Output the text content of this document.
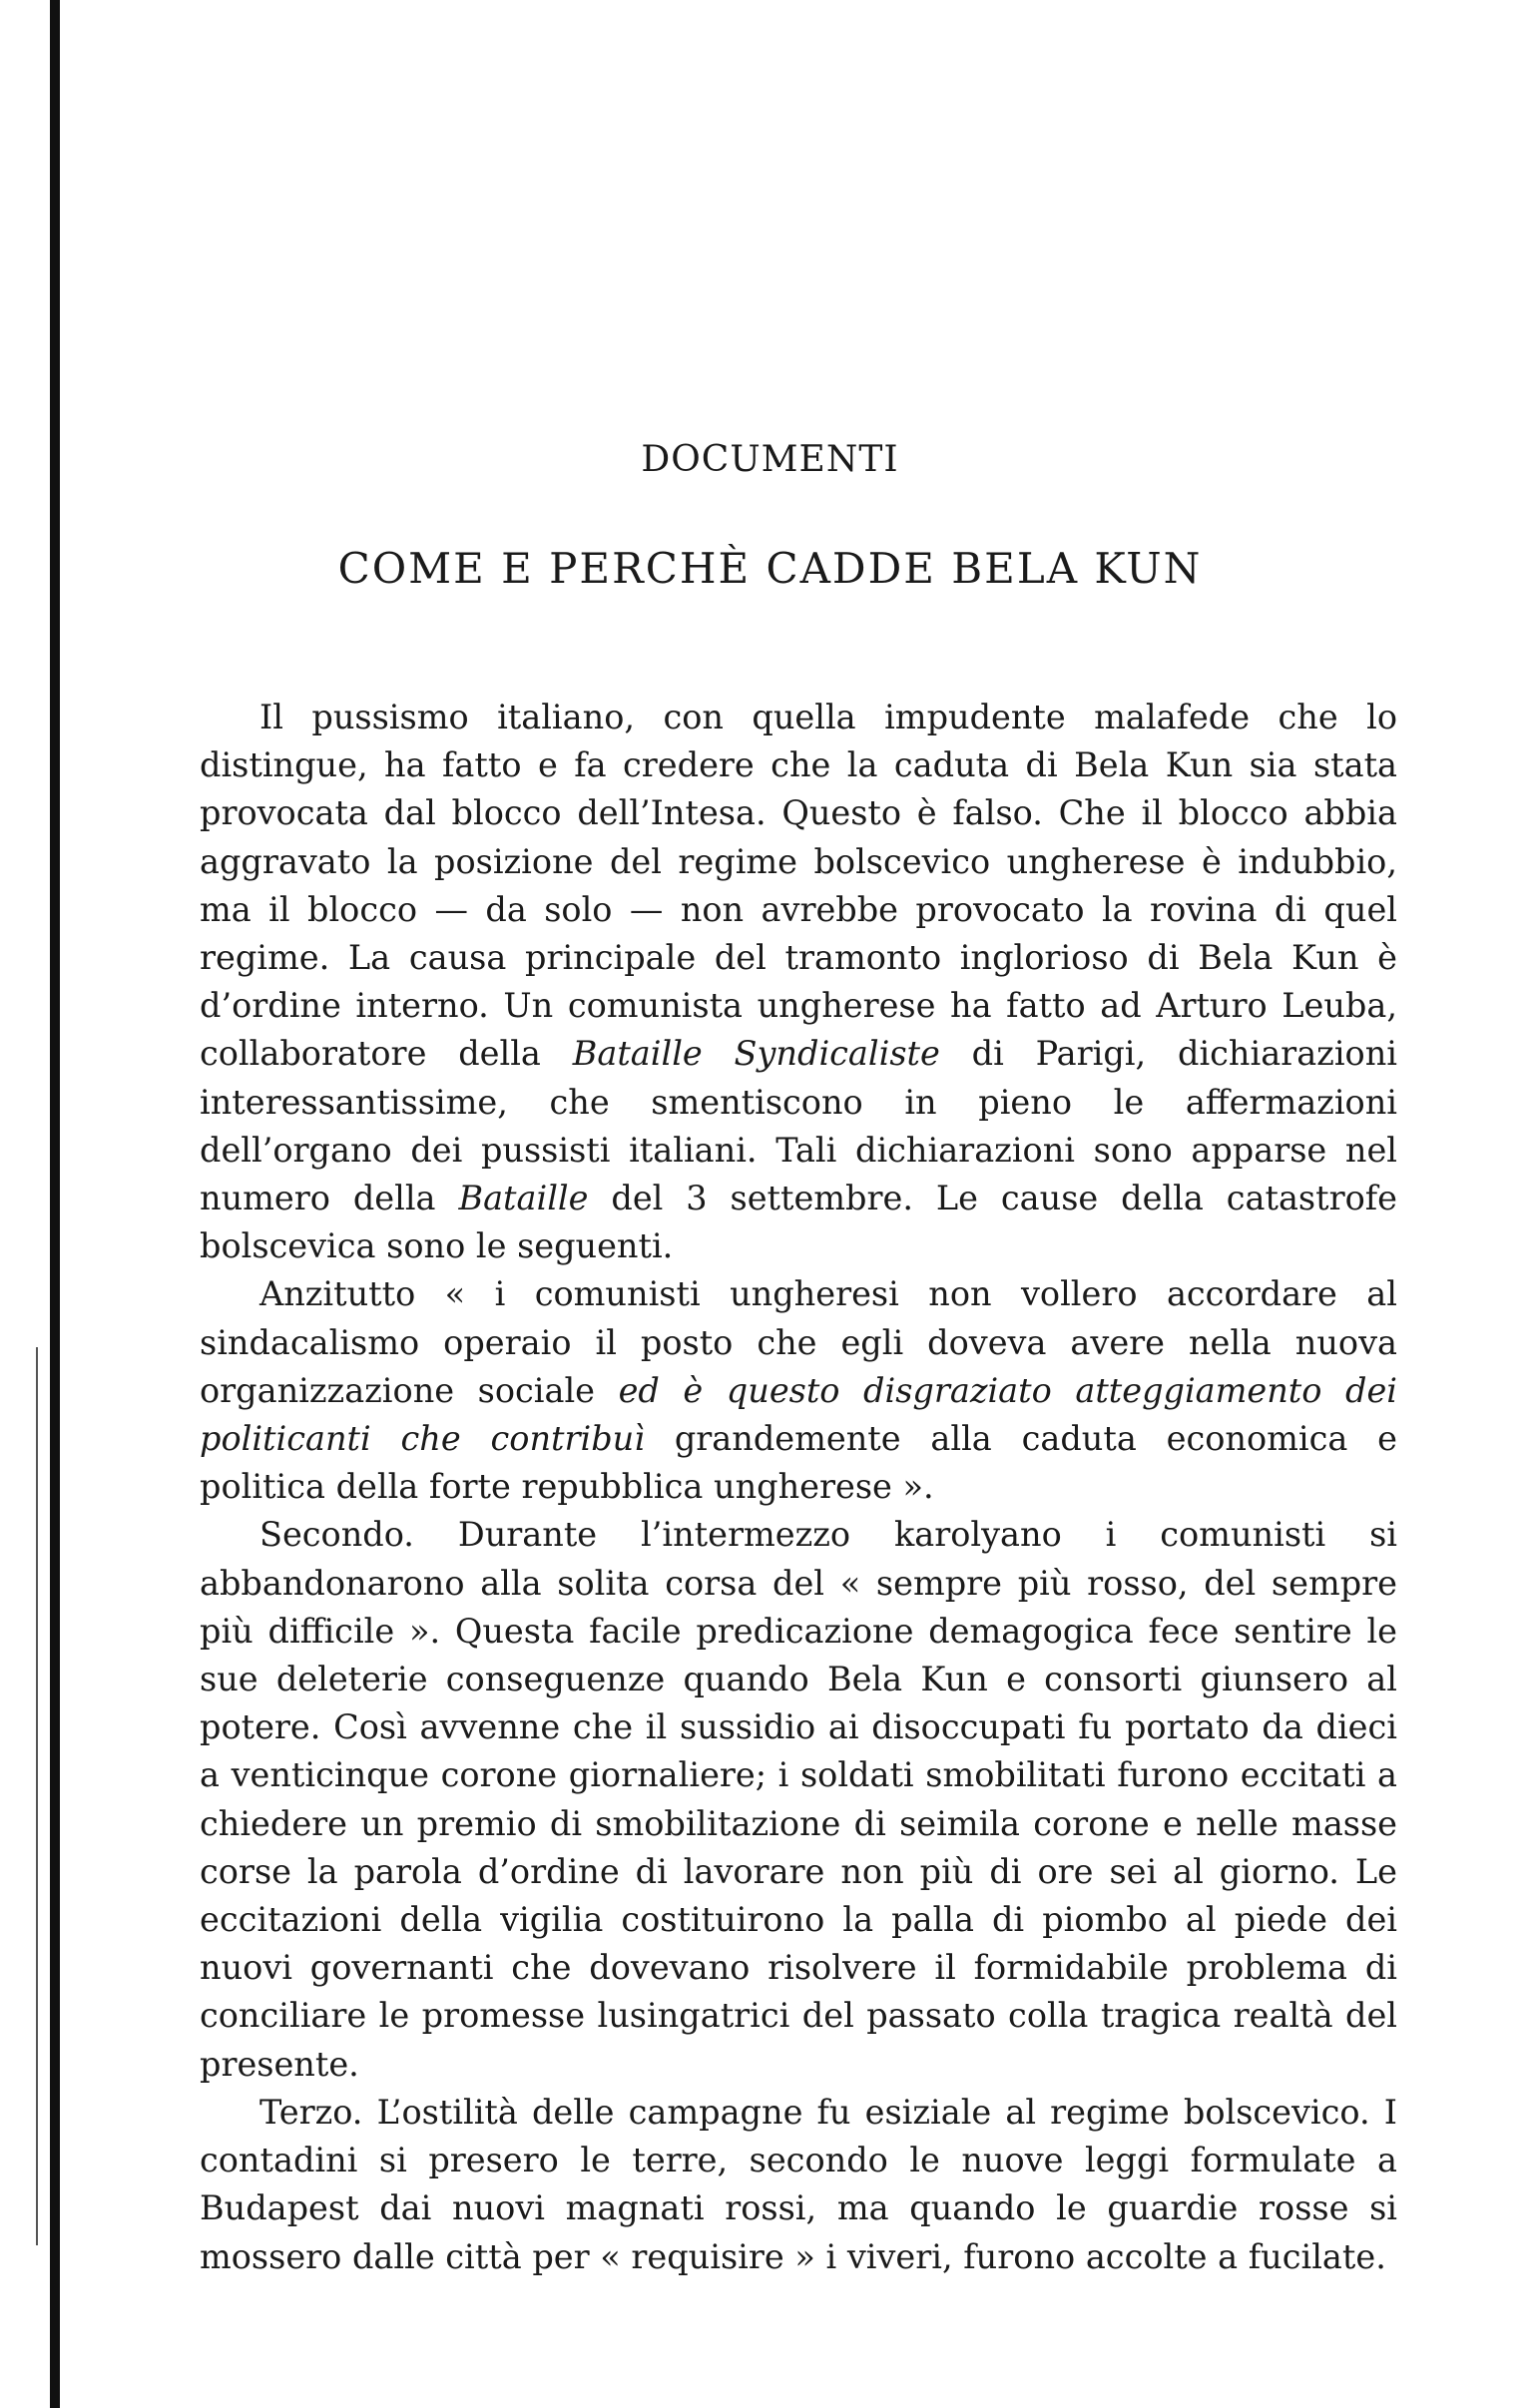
DOCUMENTI
COME E PERCHÈ CADDE BELA KUN

Il pussismo italiano, con quella impudente malafede che lo distingue, ha fatto e fa credere che la caduta di Bela Kun sia stata provocata dal blocco dell’Intesa. Questo è falso. Che il blocco abbia aggravato la posizione del regime bolscevico ungherese è indubbio, ma il blocco — da solo — non avrebbe provocato la rovina di quel regime. La causa principale del tramonto inglorioso di Bela Kun è d’ordine interno. Un comunista ungherese ha fatto ad Arturo Leuba, collaboratore della Bataille Syndicaliste di Parigi, dichiarazioni interessantissime, che smentiscono in pieno le affermazioni dell’organo dei pussisti italiani. Tali dichiarazioni sono apparse nel numero della Bataille del 3 settembre. Le cause della catastrofe bolscevica sono le seguenti.

Anzitutto « i comunisti ungheresi non vollero accordare al sindacalismo operaio il posto che egli doveva avere nella nuova organizzazione sociale ed è questo disgraziato atteggiamento dei politicanti che contribuì grandemente alla caduta economica e politica della forte repubblica ungherese ».

Secondo. Durante l’intermezzo karolyano i comunisti si abbandonarono alla solita corsa del « sempre più rosso, del sempre più difficile ». Questa facile predicazione demagogica fece sentire le sue deleterie conseguenze quando Bela Kun e consorti giunsero al potere. Così avvenne che il sussidio ai disoccupati fu portato da dieci a venticinque corone giornaliere; i soldati smobilitati furono eccitati a chiedere un premio di smobilitazione di seimila corone e nelle masse corse la parola d’ordine di lavorare non più di ore sei al giorno. Le eccitazioni della vigilia costituirono la palla di piombo al piede dei nuovi governanti che dovevano risolvere il formidabile problema di conciliare le promesse lusingatrici del passato colla tragica realtà del presente.

Terzo. L’ostilità delle campagne fu esiziale al regime bolscevico. I contadini si presero le terre, secondo le nuove leggi formulate a Budapest dai nuovi magnati rossi, ma quando le guardie rosse si mossero dalle città per « requisire » i viveri, furono accolte a fucilate.
